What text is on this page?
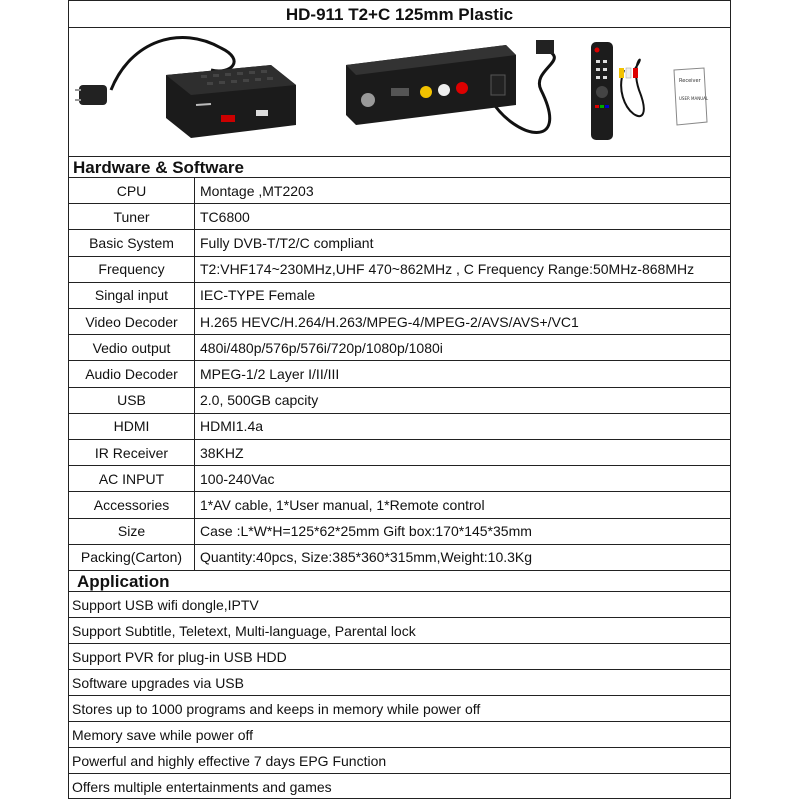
HD-911 T2+C 125mm Plastic
Receiver
USER MANUAL
Hardware & Software
CPU	Montage ,MT2203
Tuner	TC6800
Basic System	Fully DVB-T/T2/C compliant
Frequency	T2:VHF174~230MHz,UHF 470~862MHz , C Frequency Range:50MHz-868MHz
Singal input	IEC-TYPE Female
Video Decoder	H.265 HEVC/H.264/H.263/MPEG-4/MPEG-2/AVS/AVS+/VC1
Vedio output	480i/480p/576p/576i/720p/1080p/1080i
Audio Decoder	MPEG-1/2 Layer I/II/III
USB	2.0, 500GB capcity
HDMI	HDMI1.4a
IR Receiver	38KHZ
AC INPUT	100-240Vac
Accessories	1*AV cable, 1*User manual, 1*Remote control
Size	Case :L*W*H=125*62*25mm Gift box:170*145*35mm
Packing(Carton)	Quantity:40pcs, Size:385*360*315mm,Weight:10.3Kg
Application
Support USB wifi dongle,IPTV
Support Subtitle, Teletext, Multi-language, Parental lock
Support PVR for plug-in USB HDD
Software upgrades via USB
Stores up to 1000 programs and keeps in memory while power off
Memory save while power off
Powerful and highly effective 7 days EPG Function
Offers multiple entertainments and games
